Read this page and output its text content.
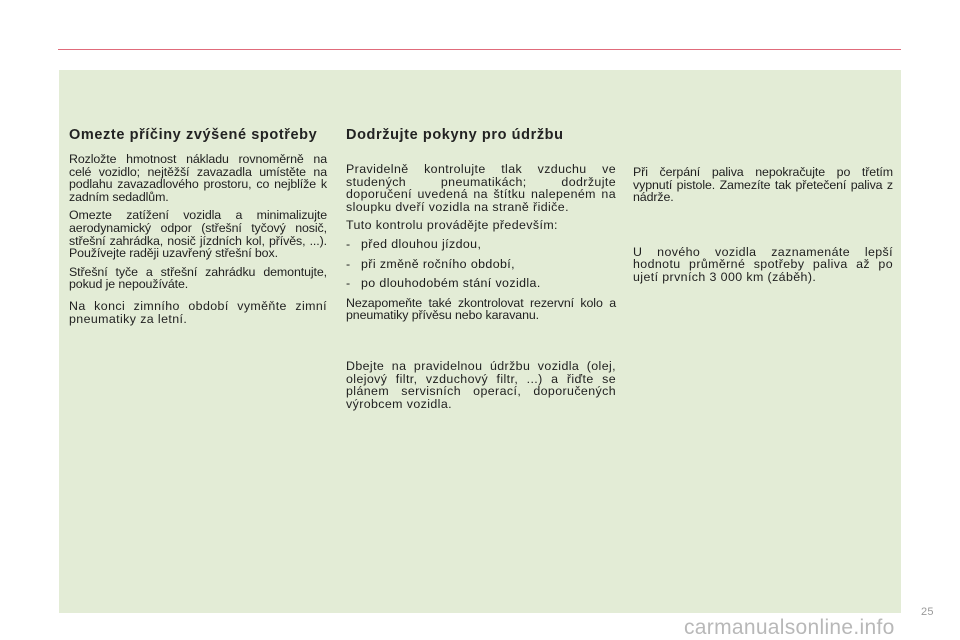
Omezte příčiny zvýšené spotřeby

Rozložte hmotnost nákladu rovnoměrně na celé vozidlo; nejtěžší zavazadla umístěte na podlahu zavazadlového prostoru, co nejblíže k zadním sedadlům.

Omezte zatížení vozidla a minimalizujte aerodynamický odpor (střešní tyčový nosič, střešní zahrádka, nosič jízdních kol, přívěs, ...). Používejte raději uzavřený střešní box.

Střešní tyče a střešní zahrádku demontujte, pokud je nepoužíváte.

Na konci zimního období vyměňte zimní pneumatiky za letní.

Dodržujte pokyny pro údržbu

Pravidelně kontrolujte tlak vzduchu ve studených pneumatikách; dodržujte doporučení uvedená na štítku nalepeném na sloupku dveří vozidla na straně řidiče.

Tuto kontrolu provádějte především:

- před dlouhou jízdou,
- při změně ročního období,
- po dlouhodobém stání vozidla.

Nezapomeňte také zkontrolovat rezervní kolo a pneumatiky přívěsu nebo karavanu.

Dbejte na pravidelnou údržbu vozidla (olej, olejový filtr, vzduchový filtr, ...) a řiďte se plánem servisních operací, doporučených výrobcem vozidla.

Při čerpání paliva nepokračujte po třetím vypnutí pistole. Zamezíte tak přetečení paliva z nádrže.

U nového vozidla zaznamenáte lepší hodnotu průměrné spotřeby paliva až po ujetí prvních 3 000 km (záběh).

25
carmanualsonline.info
